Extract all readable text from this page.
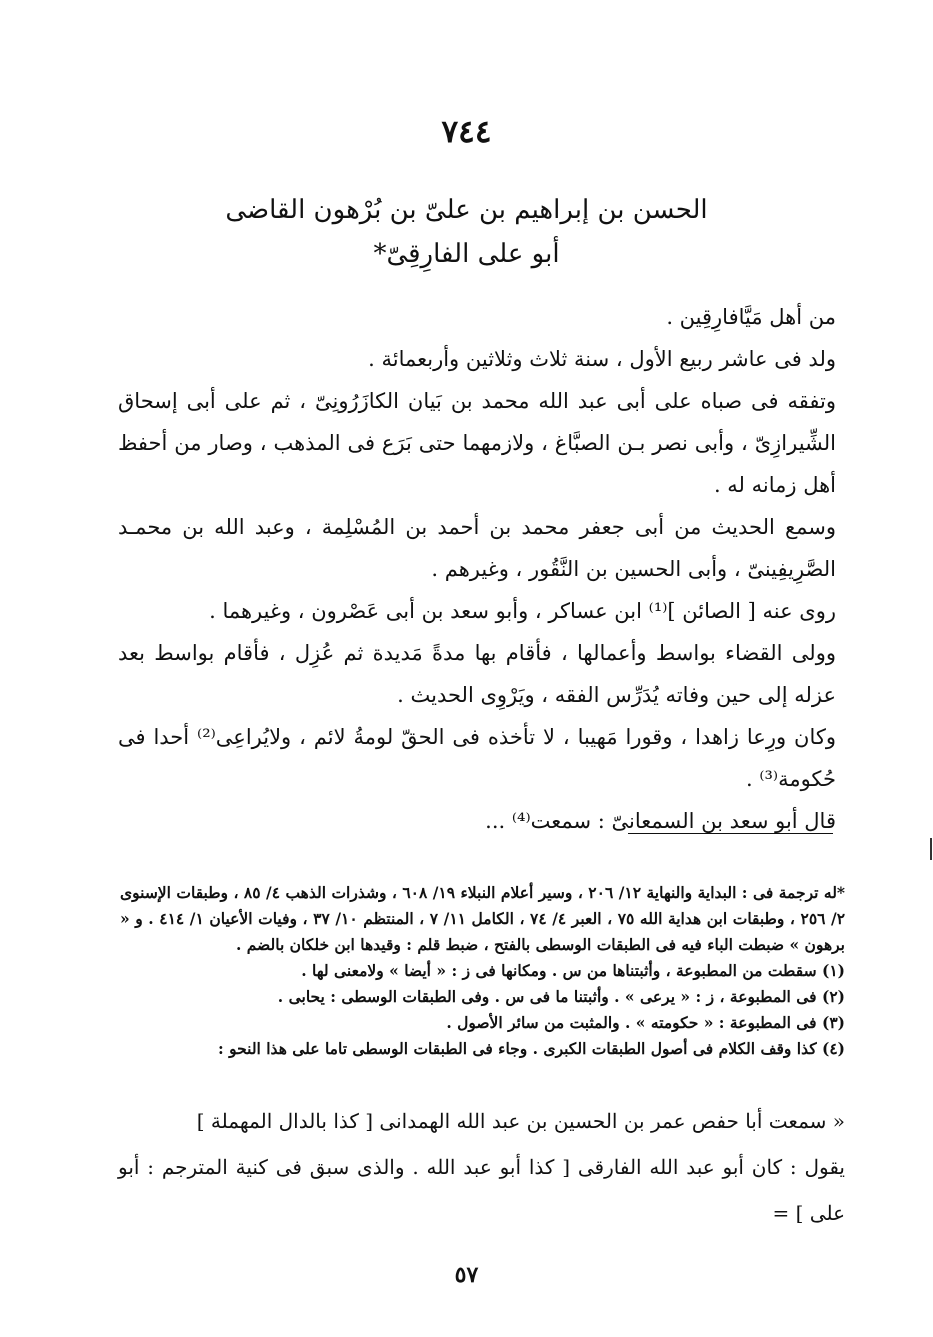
٧٤٤
الحسن بن إبراهيم بن علىّ بن بُرْهون القاضى
أبو على الفارِقِىّ*

من أهل مَيَّافارِقِين .

ولد فى عاشر ربيع الأول ، سنة ثلاث وثلاثين وأربعمائة .

وتفقه فى صباه على أبى عبد الله محمد بن بَيان الكازَرُونِىّ ، ثم على أبى إسحاق الشِّيرازِىّ ، وأبى نصر بـن الصبَّاغ ، ولازمهما حتى بَرَع فى المذهب ، وصار من أحفظ أهل زمانه له .

وسمع الحديث من أبى جعفر محمد بن أحمد بن المُسْلِمة ، وعبد الله بن محمـد الصَّرِيفِينىّ ، وأبى الحسين بن النَّقُور ، وغيرهم .

روى عنه [ الصائن ]⁽¹⁾ ابن عساكر ، وأبو سعد بن أبى عَصْرون ، وغيرهما .

وولى القضاء بواسط وأعمالها ، فأقام بها مدةً مَديدة ثم عُزِل ، فأقام بواسط بعد عزله إلى حين وفاته يُدَرِّس الفقه ، ويَرْوِى الحديث .

وكان ورِعا زاهدا ، وقورا مَهيبا ، لا تأخذه فى الحقّ لومةُ لائم ، ولايُراعِى⁽²⁾ أحدا فى حُكومة⁽³⁾ .

قال أبو سعد بن السمعانىّ : سمعت⁽⁴⁾ ...

*له ترجمة فى : البداية والنهاية ١٢/ ٢٠٦ ، وسير أعلام النبلاء ١٩/ ٦٠٨ ، وشذرات الذهب ٤/ ٨٥ ، وطبقات الإسنوى ٢/ ٢٥٦ ، وطبقات ابن هداية الله ٧٥ ، العبر ٤/ ٧٤ ، الكامل ١١/ ٧ ، المنتظم ١٠/ ٣٧ ، وفيات الأعيان ١/ ٤١٤ . و « برهون » ضبطت الباء فيه فى الطبقات الوسطى بالفتح ، ضبط قلم : وقيدها ابن خلكان بالضم .

(١) سقطت من المطبوعة ، وأثبتناها من س . ومكانها فى ز : « أيضا » ولامعنى لها .

(٢) فى المطبوعة ، ز : « يرعى » . وأثبتنا ما فى س . وفى الطبقات الوسطى : يحابى .

(٣) فى المطبوعة : « حكومته » . والمثبت من سائر الأصول .

(٤) كذا وقف الكلام فى أصول الطبقات الكبرى . وجاء فى الطبقات الوسطى تاما على هذا النحو :

« سمعت أبا حفص عمر بن الحسين بن عبد الله الهمدانى [ كذا بالدال المهملة ]

يقول : كان أبو عبد الله الفارقى [ كذا أبو عبد الله . والذى سبق فى كنية المترجم : أبو على ] =

٥٧
